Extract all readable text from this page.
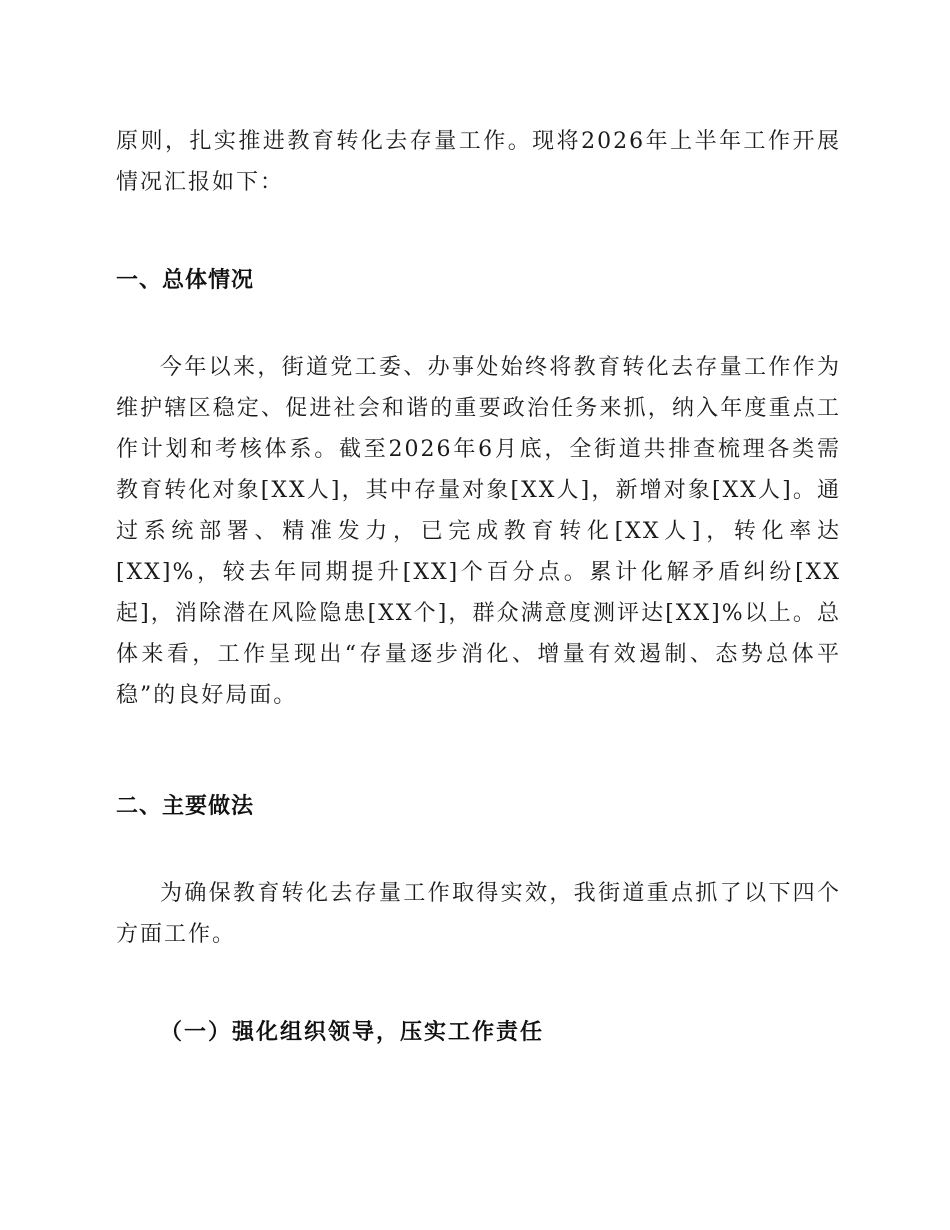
原则，扎实推进教育转化去存量工作。现将2026年上半年工作开展情况汇报如下：

一、总体情况

今年以来，街道党工委、办事处始终将教育转化去存量工作作为维护辖区稳定、促进社会和谐的重要政治任务来抓，纳入年度重点工作计划和考核体系。截至2026年6月底，全街道共排查梳理各类需教育转化对象[XX人]，其中存量对象[XX人]，新增对象[XX人]。通过系统部署、精准发力，已完成教育转化[XX人]，转化率达[XX]%，较去年同期提升[XX]个百分点。累计化解矛盾纠纷[XX起]，消除潜在风险隐患[XX个]，群众满意度测评达[XX]%以上。总体来看，工作呈现出“存量逐步消化、增量有效遏制、态势总体平稳”的良好局面。

二、主要做法

为确保教育转化去存量工作取得实效，我街道重点抓了以下四个方面工作。

（一）强化组织领导，压实工作责任
